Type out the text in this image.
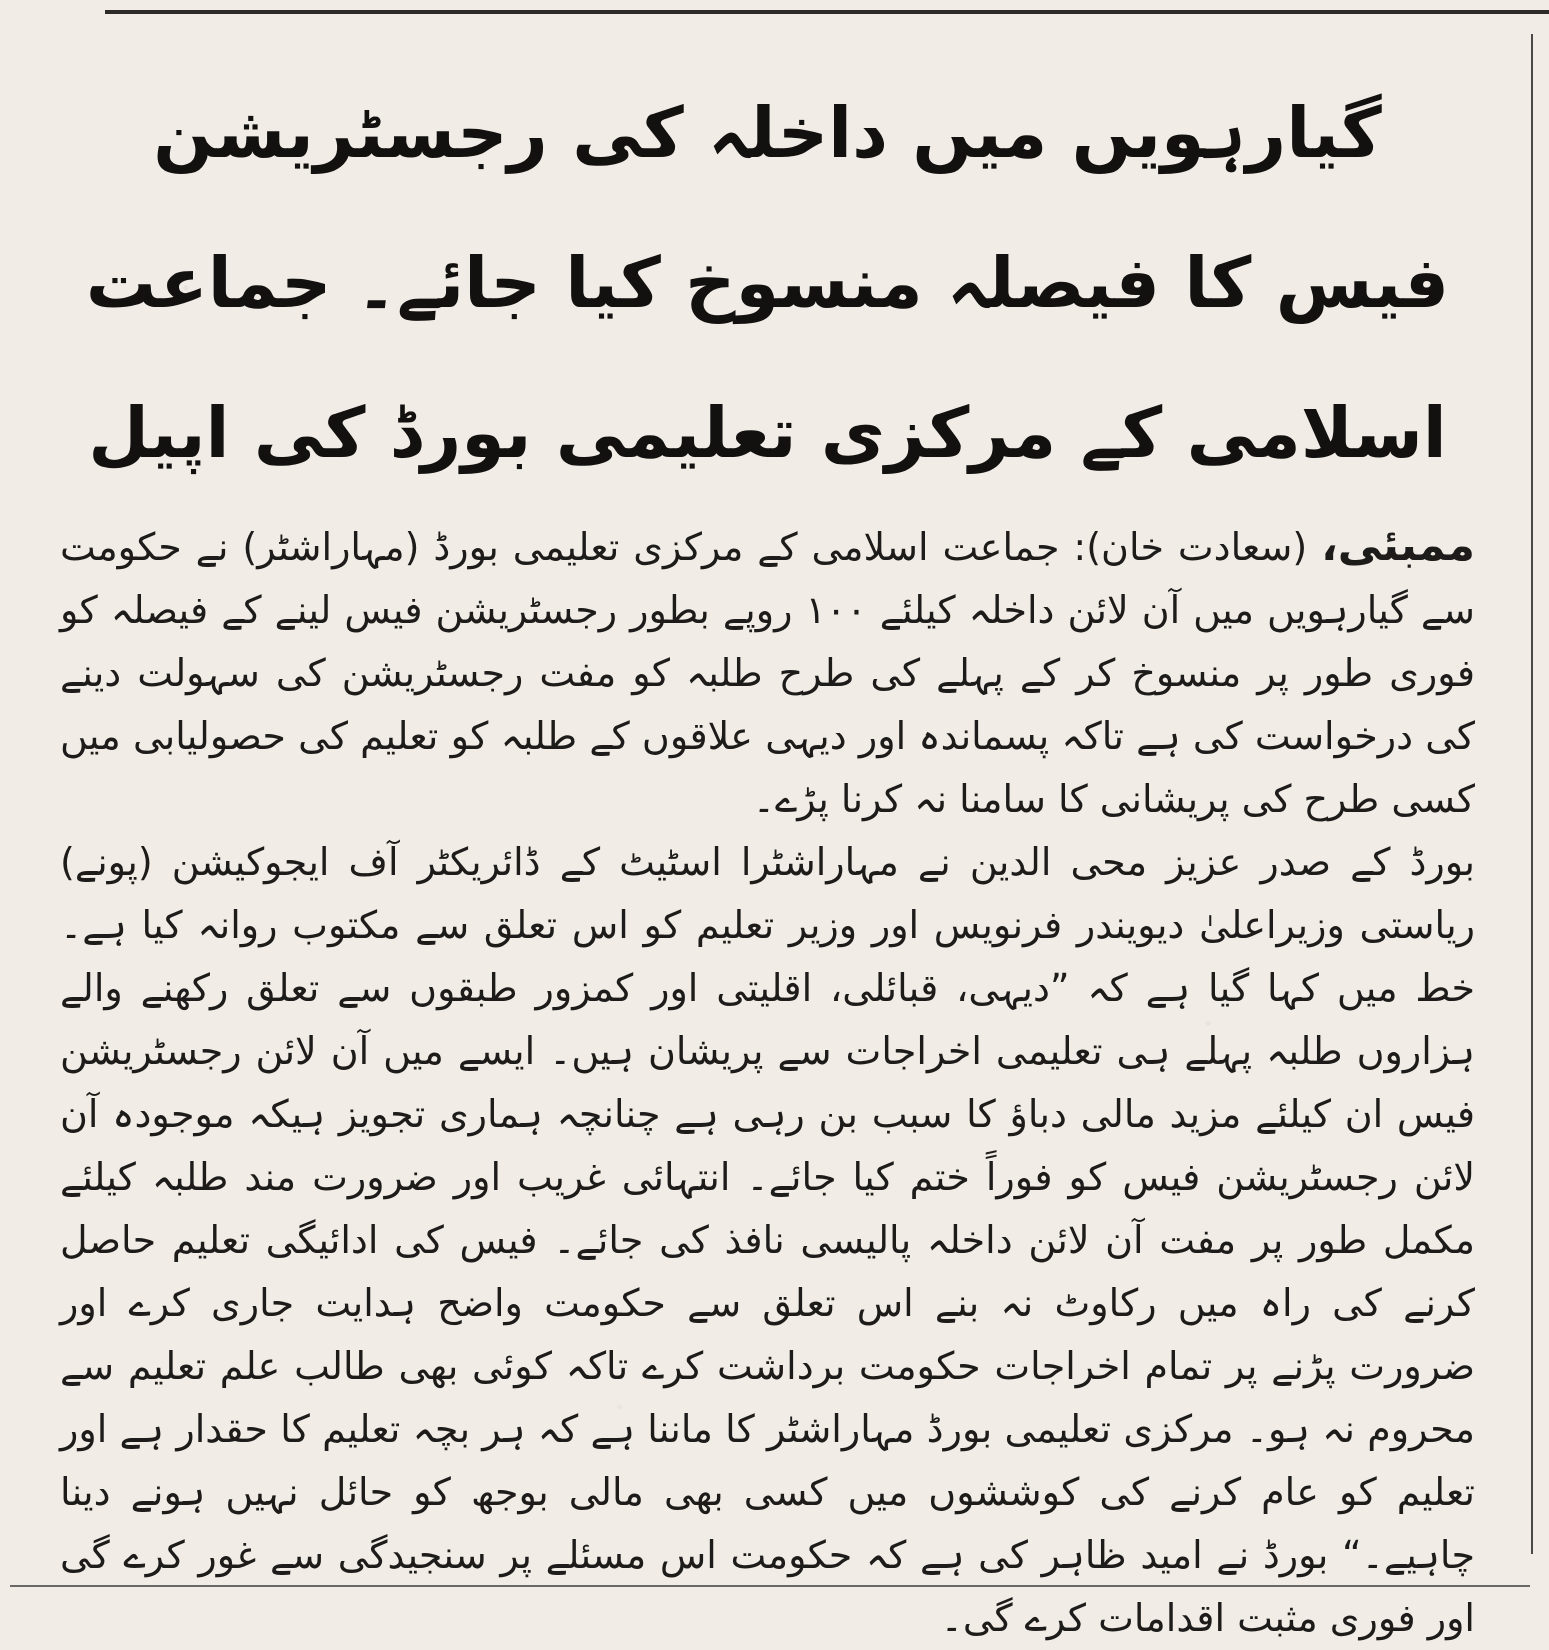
گیارہویں میں داخلہ کی رجسٹریشن فیس کا فیصلہ منسوخ کیا جائے۔ جماعت اسلامی کے مرکزی تعلیمی بورڈ کی اپیل

ممبئی، (سعادت خان): جماعت اسلامی کے مرکزی تعلیمی بورڈ (مہاراشٹر) نے حکومت سے گیارہویں میں آن لائن داخلہ کیلئے ۱۰۰ روپے بطور رجسٹریشن فیس لینے کے فیصلہ کو فوری طور پر منسوخ کر کے پہلے کی طرح طلبہ کو مفت رجسٹریشن کی سہولت دینے کی درخواست کی ہے تاکہ پسماندہ اور دیہی علاقوں کے طلبہ کو تعلیم کی حصولیابی میں کسی طرح کی پریشانی کا سامنا نہ کرنا پڑے۔

بورڈ کے صدر عزیز محی الدین نے مہاراشٹرا اسٹیٹ کے ڈائریکٹر آف ایجوکیشن (پونے) ریاستی وزیراعلیٰ دیویندر فرنویس اور وزیر تعلیم کو اس تعلق سے مکتوب روانہ کیا ہے۔ خط میں کہا گیا ہے کہ ”دیہی، قبائلی، اقلیتی اور کمزور طبقوں سے تعلق رکھنے والے ہزاروں طلبہ پہلے ہی تعلیمی اخراجات سے پریشان ہیں۔ ایسے میں آن لائن رجسٹریشن فیس ان کیلئے مزید مالی دباؤ کا سبب بن رہی ہے چنانچہ ہماری تجویز ہیکہ موجودہ آن لائن رجسٹریشن فیس کو فوراً ختم کیا جائے۔ انتہائی غریب اور ضرورت مند طلبہ کیلئے مکمل طور پر مفت آن لائن داخلہ پالیسی نافذ کی جائے۔ فیس کی ادائیگی تعلیم حاصل کرنے کی راہ میں رکاوٹ نہ بنے اس تعلق سے حکومت واضح ہدایت جاری کرے اور ضرورت پڑنے پر تمام اخراجات حکومت برداشت کرے تاکہ کوئی بھی طالب علم تعلیم سے محروم نہ ہو۔ مرکزی تعلیمی بورڈ مہاراشٹر کا ماننا ہے کہ ہر بچہ تعلیم کا حقدار ہے اور تعلیم کو عام کرنے کی کوششوں میں کسی بھی مالی بوجھ کو حائل نہیں ہونے دینا چاہیے۔“ بورڈ نے امید ظاہر کی ہے کہ حکومت اس مسئلے پر سنجیدگی سے غور کرے گی اور فوری مثبت اقدامات کرے گی۔
